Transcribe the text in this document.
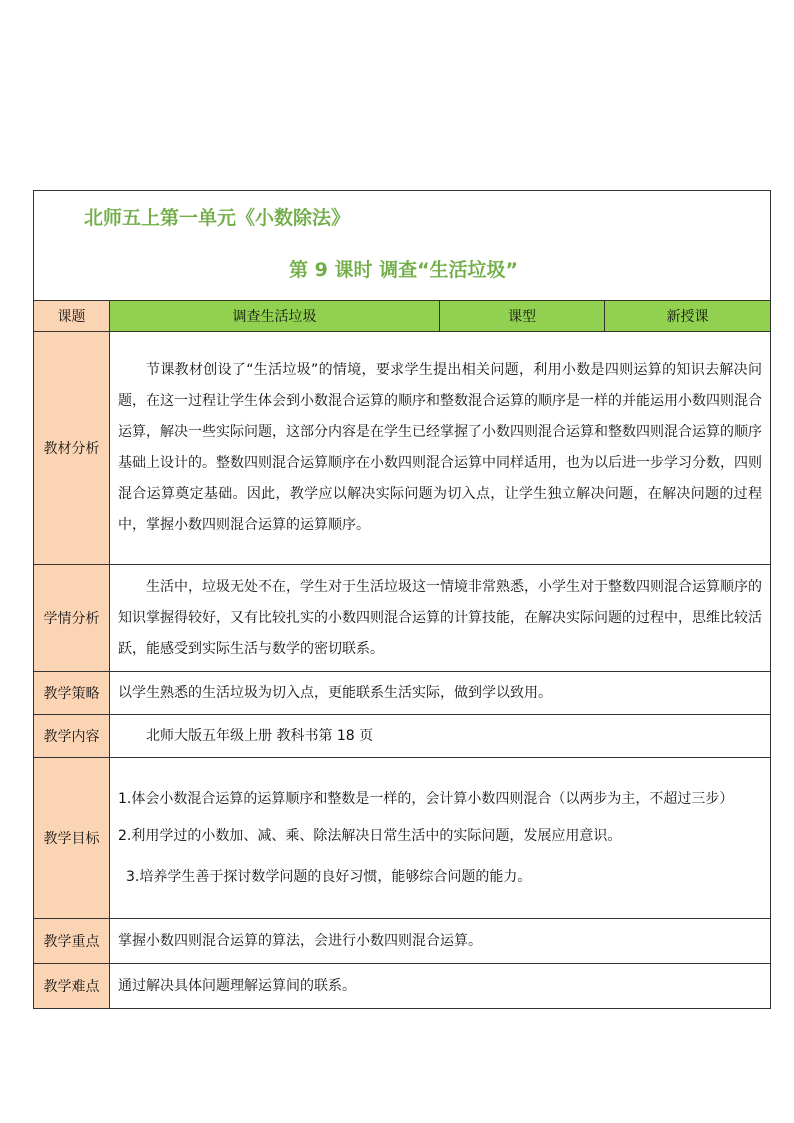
北师五上第一单元《小数除法》
第 9 课时 调查“生活垃圾”			

课题	调查生活垃圾	课型	新授课
教材分析	节课教材创设了“生活垃圾”的情境，要求学生提出相关问题，利用小数是四则运算的知识去解决问题，在这一过程让学生体会到小数混合运算的顺序和整数混合运算的顺序是一样的并能运用小数四则混合运算，解决一些实际问题，这部分内容是在学生已经掌握了小数四则混合运算和整数四则混合运算的顺序基础上设计的。整数四则混合运算顺序在小数四则混合运算中同样适用，也为以后进一步学习分数，四则混合运算奠定基础。因此，教学应以解决实际问题为切入点，让学生独立解决问题，在解决问题的过程中，掌握小数四则混合运算的运算顺序。		
学情分析	生活中，垃圾无处不在，学生对于生活垃圾这一情境非常熟悉，小学生对于整数四则混合运算顺序的知识掌握得较好，又有比较扎实的小数四则混合运算的计算技能，在解决实际问题的过程中，思维比较活跃，能感受到实际生活与数学的密切联系。		
教学策略	以学生熟悉的生活垃圾为切入点，更能联系生活实际，做到学以致用。		
教学内容	北师大版五年级上册 教科书第 18 页		
教学目标	1.体会小数混合运算的运算顺序和整数是一样的，会计算小数四则混合（以两步为主，不超过三步）

2.利用学过的小数加、减、乘、除法解决日常生活中的实际问题，发展应用意识。

3.培养学生善于探讨数学问题的良好习惯，能够综合问题的能力。		

教学重点	掌握小数四则混合运算的算法，会进行小数四则混合运算。		
教学难点	通过解决具体问题理解运算间的联系。		
